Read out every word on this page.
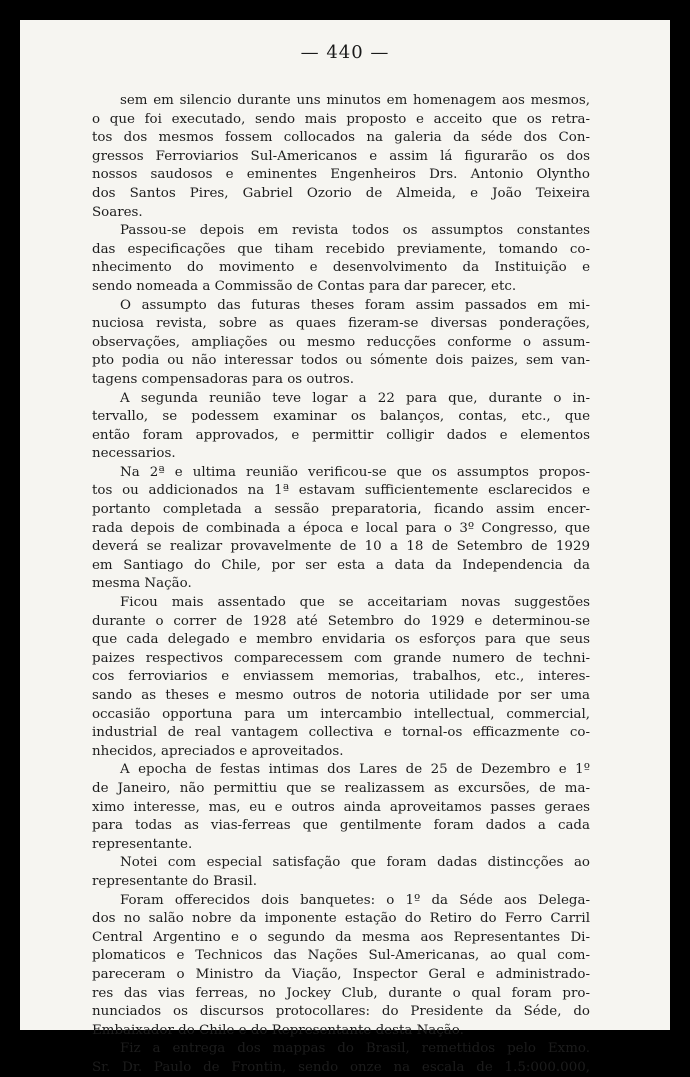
— 440 —

sem em silencio durante uns minutos em homenagem aos mesmos,
o que foi executado, sendo mais proposto e acceito que os retra-
tos dos mesmos fossem collocados na galeria da séde dos Con-
gressos Ferroviarios Sul-Americanos e assim lá figurarão os dos
nossos saudosos e eminentes Engenheiros Drs. Antonio Olyntho
dos Santos Pires, Gabriel Ozorio de Almeida, e João Teixeira
Soares.

Passou-se depois em revista todos os assumptos constantes
das especificações que tiham recebido previamente, tomando co-
nhecimento do movimento e desenvolvimento da Instituição e
sendo nomeada a Commissão de Contas para dar parecer, etc.

O assumpto das futuras theses foram assim passados em mi-
nuciosa revista, sobre as quaes fizeram-se diversas ponderações,
observações, ampliações ou mesmo reducções conforme o assum-
pto podia ou não interessar todos ou sómente dois paizes, sem van-
tagens compensadoras para os outros.

A segunda reunião teve logar a 22 para que, durante o in-
tervallo, se podessem examinar os balanços, contas, etc., que
então foram approvados, e permittir colligir dados e elementos
necessarios.

Na 2ª e ultima reunião verificou-se que os assumptos propos-
tos ou addicionados na 1ª estavam sufficientemente esclarecidos e
portanto completada a sessão preparatoria, ficando assim encer-
rada depois de combinada a época e local para o 3º Congresso, que
deverá se realizar provavelmente de 10 a 18 de Setembro de 1929
em Santiago do Chile, por ser esta a data da Independencia da
mesma Nação.

Ficou mais assentado que se acceitariam novas suggestões
durante o correr de 1928 até Setembro do 1929 e determinou-se
que cada delegado e membro envidaria os esforços para que seus
paizes respectivos comparecessem com grande numero de techni-
cos ferroviarios e enviassem memorias, trabalhos, etc., interes-
sando as theses e mesmo outros de notoria utilidade por ser uma
occasião opportuna para um intercambio intellectual, commercial,
industrial de real vantagem collectiva e tornal-os efficazmente co-
nhecidos, apreciados e aproveitados.

A epocha de festas intimas dos Lares de 25 de Dezembro e 1º
de Janeiro, não permittiu que se realizassem as excursões, de ma-
ximo interesse, mas, eu e outros ainda aproveitamos passes geraes
para todas as vias-ferreas que gentilmente foram dados a cada
representante.

Notei com especial satisfação que foram dadas distincções ao
representante do Brasil.

Foram offerecidos dois banquetes: o 1º da Séde aos Delega-
dos no salão nobre da imponente estação do Retiro do Ferro Carril
Central Argentino e o segundo da mesma aos Representantes Di-
plomaticos e Technicos das Nações Sul-Americanas, ao qual com-
pareceram o Ministro da Viação, Inspector Geral e administrado-
res das vias ferreas, no Jockey Club, durante o qual foram pro-
nunciados os discursos protocollares: do Presidente da Séde, do
Embaixador do Chile e do Representante desta Nação.

Fiz a entrega dos mappas do Brasil, remettidos pelo Exmo.
Sr. Dr. Paulo de Frontin, sendo onze na escala de 1.5:000.000,
